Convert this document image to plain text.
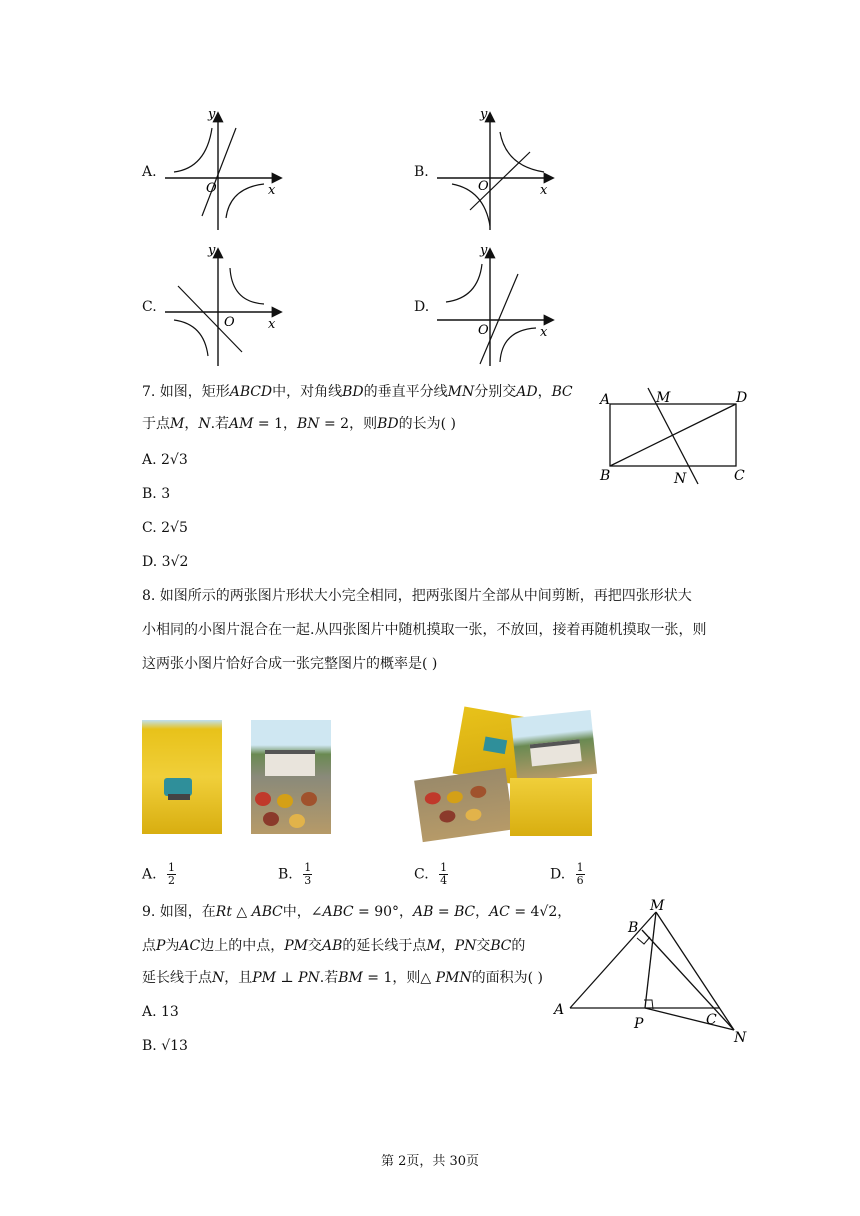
A.
y
x
O
B.
y
x
O
C.
y
x
O
D.
y
x
O
7. 如图，矩形𝐴𝐵𝐶𝐷中，对角线𝐵𝐷的垂直平分线𝑀𝑁分别交𝐴𝐷，𝐵𝐶
于点𝑀，𝑁.若𝐴𝑀 = 1，𝐵𝑁 = 2，则𝐵𝐷的长为( )
A. 2√3
B. 3
C. 2√5
D. 3√2
A	M	D
B	N	C
8. 如图所示的两张图片形状大小完全相同，把两张图片全部从中间剪断，再把四张形状大
小相同的小图片混合在一起.从四张图片中随机摸取一张，不放回，接着再随机摸取一张，则
这两张小图片恰好合成一张完整图片的概率是( )
A. $\frac{1}{2}$	B. $\frac{1}{3}$	C. $\frac{1}{4}$	D. $\frac{1}{6}$
9. 如图，在𝑅𝑡 △ 𝐴𝐵𝐶中，∠𝐴𝐵𝐶 = 90°，𝐴𝐵 = 𝐵𝐶，𝐴𝐶 = 4√2，
点𝑃为𝐴𝐶边上的中点，𝑃𝑀交𝐴𝐵的延长线于点𝑀，𝑃𝑁交𝐵𝐶的
延长线于点𝑁，且𝑃𝑀 ⊥ 𝑃𝑁.若𝐵𝑀 = 1，则△ 𝑃𝑀𝑁的面积为( )
A. 13
B. √13
M
B
A
P	C
N
第 2页，共 30页
